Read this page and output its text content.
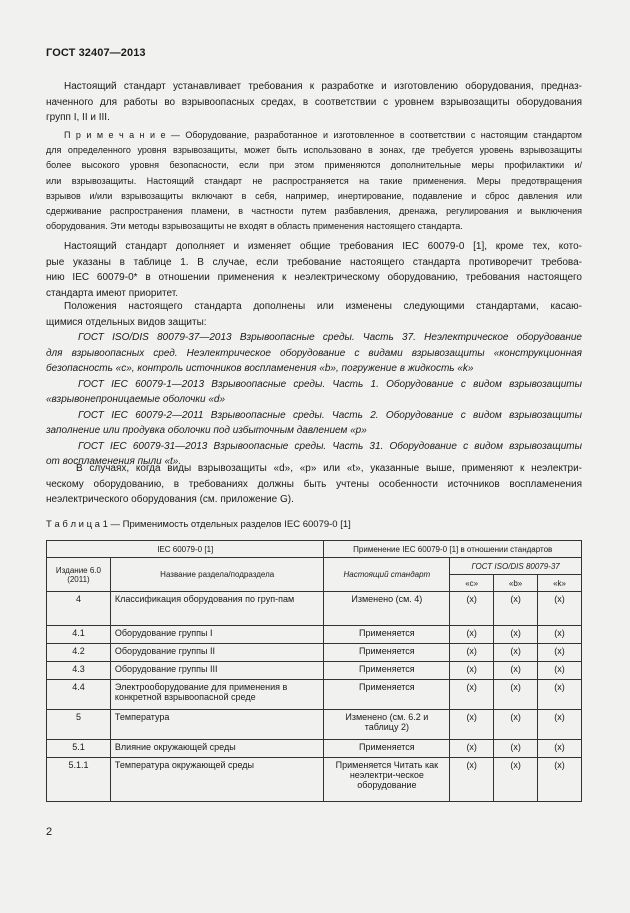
ГОСТ 32407—2013
Настоящий стандарт устанавливает требования к разработке и изготовлению оборудования, предназ-
наченного для работы во взрывоопасных средах, в соответствии с уровнем взрывозащиты оборудования
групп I, II и III.
П р и м е ч а н и е — Оборудование, разработанное и изготовленное в соответствии с настоящим стандартом
для определенного уровня взрывозащиты, может быть использовано в зонах, где требуется уровень взрывозащиты
более высокого уровня безопасности, если при этом применяются дополнительные меры профилактики и/
или взрывозащиты. Настоящий стандарт не распространяется на такие применения. Меры предотвращения
взрывов и/или взрывозащиты включают в себя, например, инертирование, подавление и сброс давления или
сдерживание распространения пламени, в частности путем разбавления, дренажа, регулирования и выключения
оборудования. Эти методы взрывозащиты не входят в область применения настоящего стандарта.
Настоящий стандарт дополняет и изменяет общие требования IEC 60079-0 [1], кроме тех, кото-
рые указаны в таблице 1. В случае, если требование настоящего стандарта противоречит требова-
нию IEC 60079-0* в отношении применения к неэлектрическому оборудованию, требования настоящего
стандарта имеют приоритет.
Положения настоящего стандарта дополнены или изменены следующими стандартами, касаю-
щимися отдельных видов защиты:
ГОСТ ISO/DIS 80079-37—2013 Взрывоопасные среды. Часть 37. Неэлектрическое оборудование
для взрывоопасных сред. Неэлектрическое оборудование с видами взрывозащиты «конструкционная
безопасность «c», контроль источников воспламенения «b», погружение в жидкость «k»
ГОСТ IEC 60079-1—2013 Взрывоопасные среды. Часть 1. Оборудование с видом взрывозащиты
«взрывонепроницаемые оболочки «d»
ГОСТ IEC 60079-2—2011 Взрывоопасные среды. Часть 2. Оборудование с видом взрывозащиты
заполнение или продувка оболочки под избыточным давлением «p»
ГОСТ IEC 60079-31—2013 Взрывоопасные среды. Часть 31. Оборудование с видом взрывозащиты
от воспламенения пыли «t».
В случаях, когда виды взрывозащиты «d», «p» или «t», указанные выше, применяют к неэлектри-
ческому оборудованию, в требованиях должны быть учтены особенности источников воспламенения
неэлектрического оборудования (см. приложение G).
Т а б л и ц а 1 — Применимость отдельных разделов IEC 60079-0 [1]
IEC 60079-0 [1]		Применение IEC 60079-0 [1] в отношении стандартов			
Издание 6.0 (2011)	Название раздела/подраздела	Настоящий стандарт	ГОСТ ISO/DIS 80079-37		
			«c»	«b»	«k»
4	Классификация оборудования по груп-пам	Изменено (см. 4)	(x)	(x)	(x)
4.1	Оборудование группы I	Применяется	(x)	(x)	(x)
4.2	Оборудование группы II	Применяется	(x)	(x)	(x)
4.3	Оборудование группы III	Применяется	(x)	(x)	(x)
4.4	Электрооборудование для применения в конкретной взрывоопасной среде	Применяется	(x)	(x)	(x)
5	Температура	Изменено (см. 6.2 и таблицу 2)	(x)	(x)	(x)
5.1	Влияние окружающей среды	Применяется	(x)	(x)	(x)
5.1.1	Температура окружающей среды	Применяется Читать как неэлектри-ческое оборудование	(x)	(x)	(x)
2
